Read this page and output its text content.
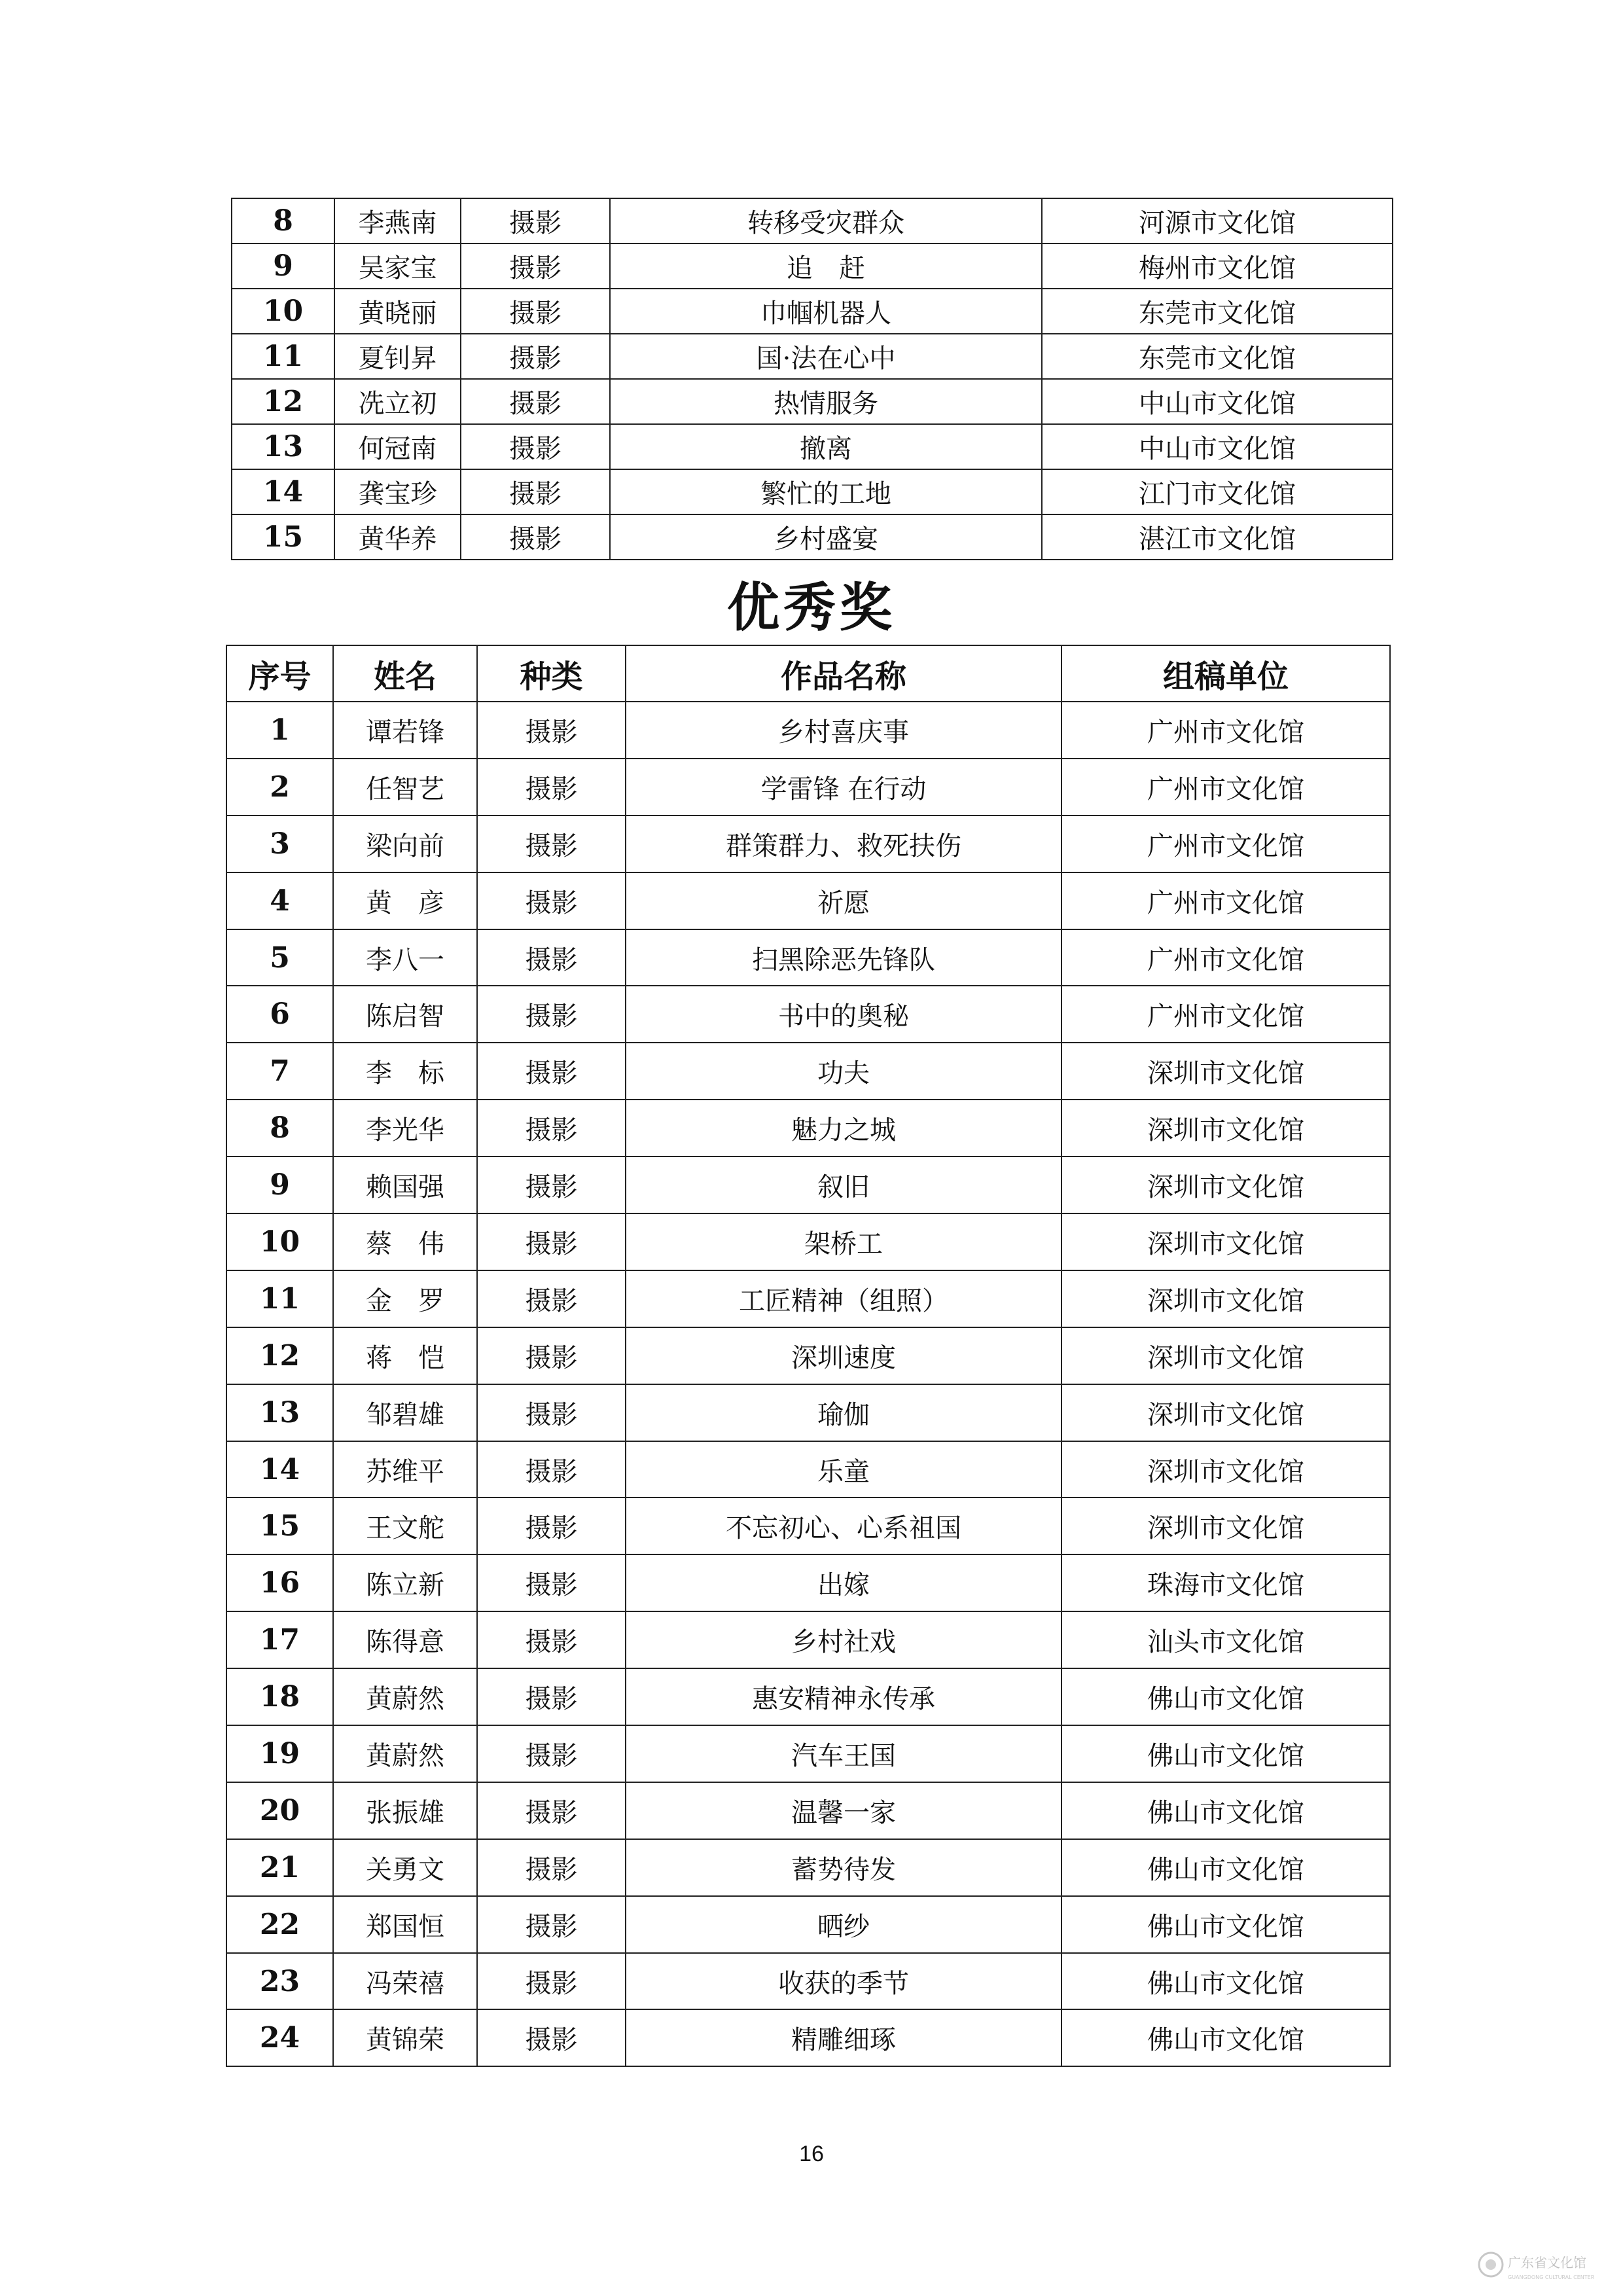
8	李燕南	摄影	转移受灾群众	河源市文化馆
9	吴家宝	摄影	追　赶	梅州市文化馆
10	黄晓丽	摄影	巾帼机器人	东莞市文化馆
11	夏钊昇	摄影	国·法在心中	东莞市文化馆
12	冼立初	摄影	热情服务	中山市文化馆
13	何冠南	摄影	撤离	中山市文化馆
14	龚宝珍	摄影	繁忙的工地	江门市文化馆
15	黄华养	摄影	乡村盛宴	湛江市文化馆
优秀奖
序号	姓名	种类	作品名称	组稿单位
1	谭若锋	摄影	乡村喜庆事	广州市文化馆
2	任智艺	摄影	学雷锋 在行动	广州市文化馆
3	梁向前	摄影	群策群力、救死扶伤	广州市文化馆
4	黄　彦	摄影	祈愿	广州市文化馆
5	李八一	摄影	扫黑除恶先锋队	广州市文化馆
6	陈启智	摄影	书中的奥秘	广州市文化馆
7	李　标	摄影	功夫	深圳市文化馆
8	李光华	摄影	魅力之城	深圳市文化馆
9	赖国强	摄影	叙旧	深圳市文化馆
10	蔡　伟	摄影	架桥工	深圳市文化馆
11	金　罗	摄影	工匠精神（组照）	深圳市文化馆
12	蒋　恺	摄影	深圳速度	深圳市文化馆
13	邹碧雄	摄影	瑜伽	深圳市文化馆
14	苏维平	摄影	乐童	深圳市文化馆
15	王文舵	摄影	不忘初心、心系祖国	深圳市文化馆
16	陈立新	摄影	出嫁	珠海市文化馆
17	陈得意	摄影	乡村社戏	汕头市文化馆
18	黄蔚然	摄影	惠安精神永传承	佛山市文化馆
19	黄蔚然	摄影	汽车王国	佛山市文化馆
20	张振雄	摄影	温馨一家	佛山市文化馆
21	关勇文	摄影	蓄势待发	佛山市文化馆
22	郑国恒	摄影	晒纱	佛山市文化馆
23	冯荣禧	摄影	收获的季节	佛山市文化馆
24	黄锦荣	摄影	精雕细琢	佛山市文化馆
16
广东省文化馆
GUANGDONG CULTURAL CENTER
